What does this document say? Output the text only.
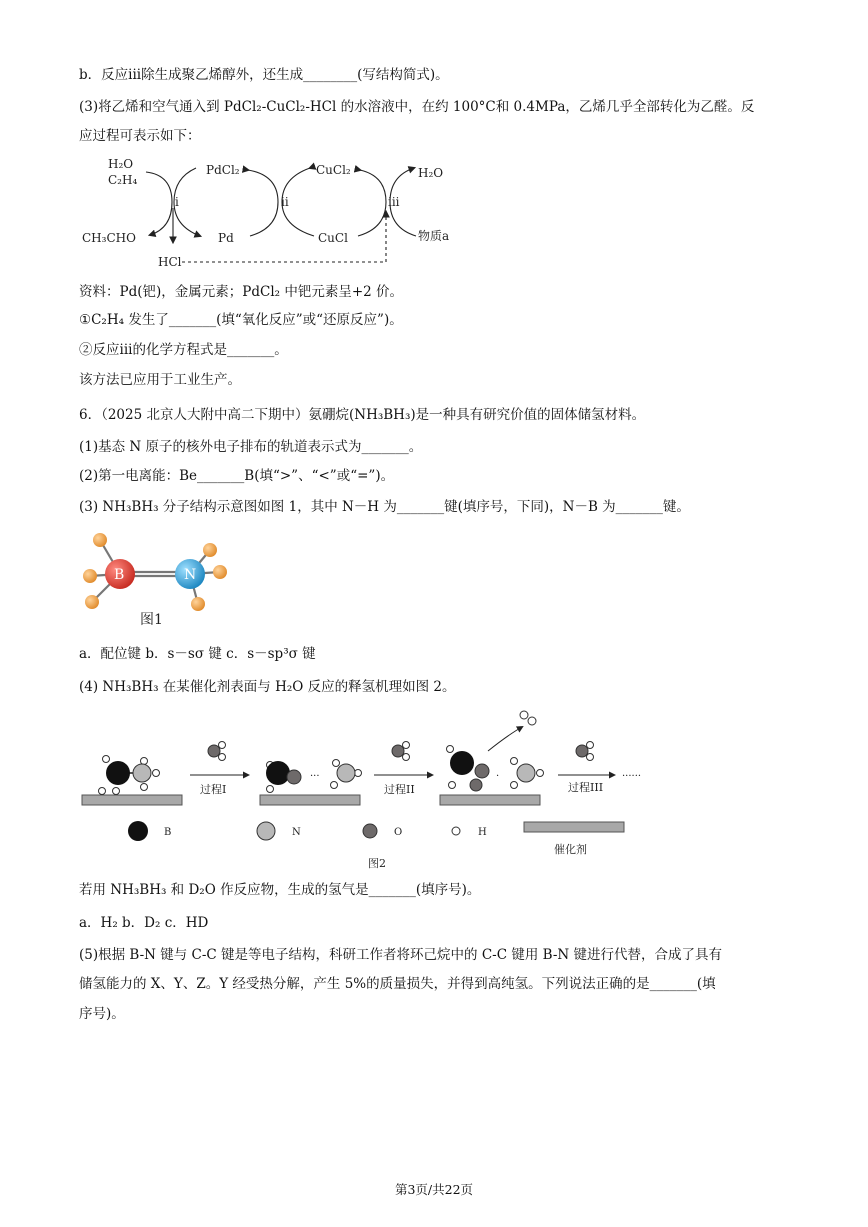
b．反应iii除生成聚乙烯醇外，还生成________(写结构简式)。
(3)将乙烯和空气通入到 PdCl₂-CuCl₂-HCl 的水溶液中，在约 100°C和 0.4MPa，乙烯几乎全部转化为乙醛。反
应过程可表示如下：
H₂O
C₂H₄
CH₃CHO
HCl
i
PdCl₂
Pd
ii
CuCl₂
CuCl
iii
H₂O
物质a
资料：Pd(钯)，金属元素；PdCl₂ 中钯元素呈+2 价。
①C₂H₄ 发生了_______(填“氧化反应”或“还原反应”)。
②反应iii的化学方程式是_______。
该方法已应用于工业生产。
6．（2025 北京人大附中高二下期中）氨硼烷(NH₃BH₃)是一种具有研究价值的固体储氢材料。
(1)基态 N 原子的核外电子排布的轨道表示式为_______。
(2)第一电离能：Be_______B(填“>”、“<”或“=”)。
(3) NH₃BH₃ 分子结构示意图如图 1，其中 N－H 为_______键(填序号，下同)，N－B 为_______键。
B	N
图1
a．配位键 b．s－sσ 键 c．s－sp³σ 键
(4) NH₃BH₃ 在某催化剂表面与 H₂O 反应的释氢机理如图 2。
过程I
···
过程II
·	······
过程III
B	N	O	H
催化剂
图2
若用 NH₃BH₃ 和 D₂O 作反应物，生成的氢气是_______(填序号)。
a．H₂ b．D₂ c．HD
(5)根据 B-N 键与 C-C 键是等电子结构，科研工作者将环己烷中的 C-C 键用 B-N 键进行代替，合成了具有
储氢能力的 X、Y、Z。Y 经受热分解，产生 5%的质量损失，并得到高纯氢。下列说法正确的是_______(填
序号)。
第3页/共22页
